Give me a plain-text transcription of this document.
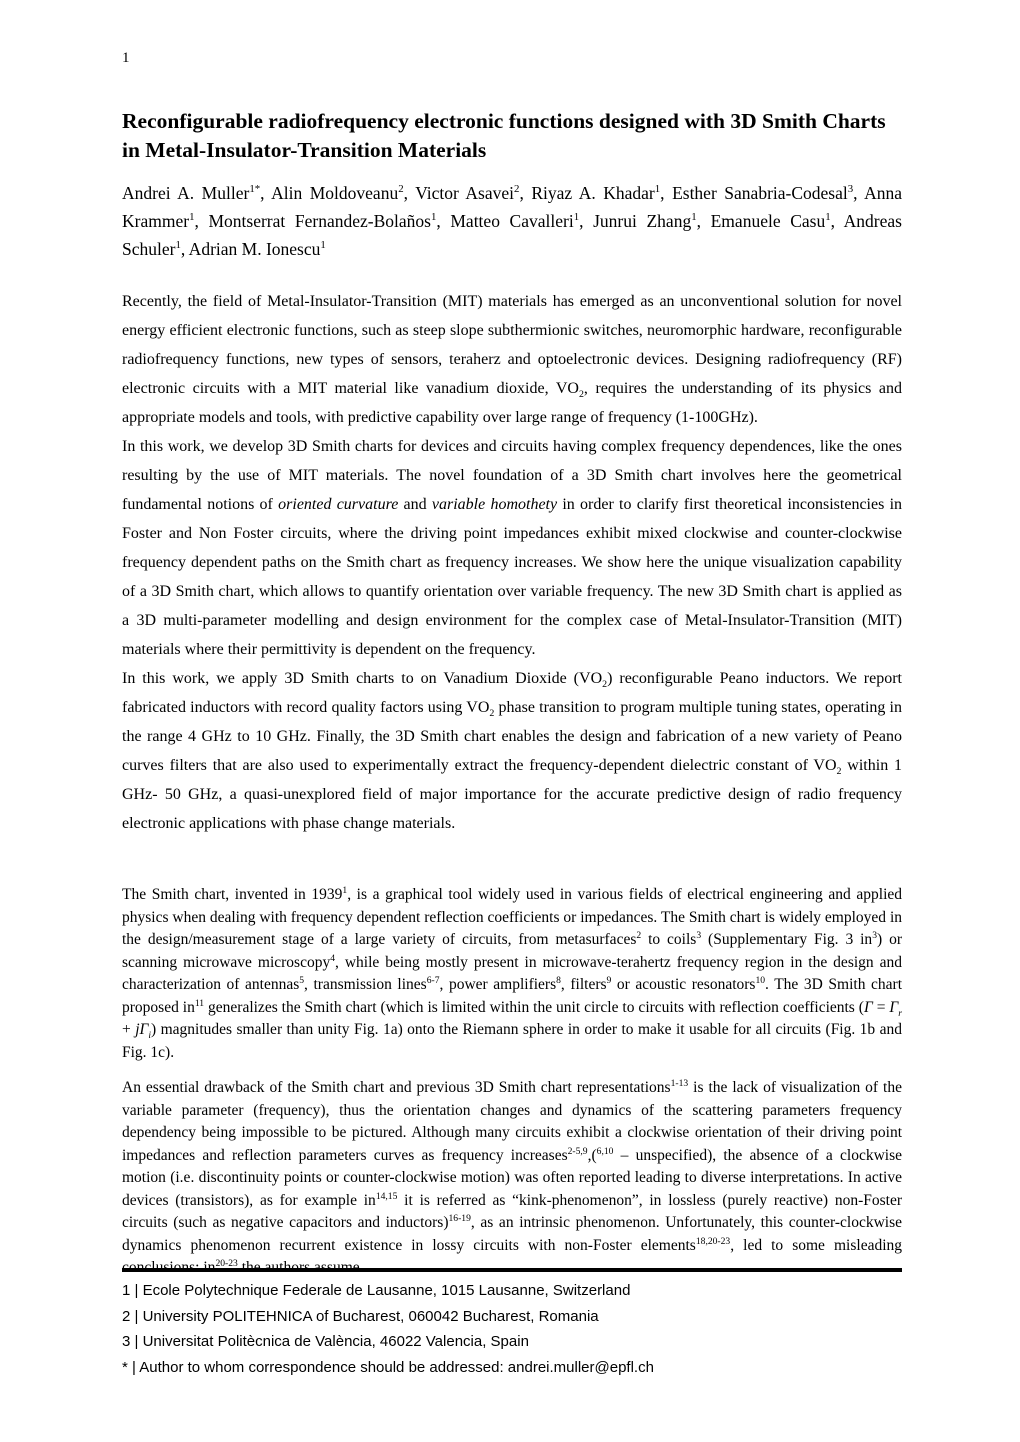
1
Reconfigurable radiofrequency electronic functions designed with 3D Smith Charts in Metal-Insulator-Transition Materials

Andrei A. Muller$^{1*}$, Alin Moldoveanu$^2$, Victor Asavei$^2$, Riyaz A. Khadar$^1$, Esther Sanabria-Codesal$^3$, Anna Krammer$^1$, Montserrat Fernandez-Bolaños$^1$, Matteo Cavalleri$^1$, Junrui Zhang$^1$, Emanuele Casu$^1$, Andreas Schuler$^1$, Adrian M. Ionescu$^1$

Recently, the field of Metal-Insulator-Transition (MIT) materials has emerged as an unconventional solution for novel energy efficient electronic functions, such as steep slope subthermionic switches, neuromorphic hardware, reconfigurable radiofrequency functions, new types of sensors, teraherz and optoelectronic devices. Designing radiofrequency (RF) electronic circuits with a MIT material like vanadium dioxide, $VO_2$, requires the understanding of its physics and appropriate models and tools, with predictive capability over large range of frequency (1-100GHz).

In this work, we develop 3D Smith charts for devices and circuits having complex frequency dependences, like the ones resulting by the use of MIT materials. The novel foundation of a 3D Smith chart involves here the geometrical fundamental notions of oriented curvature and variable homothety in order to clarify first theoretical inconsistencies in Foster and Non Foster circuits, where the driving point impedances exhibit mixed clockwise and counter-clockwise frequency dependent paths on the Smith chart as frequency increases. We show here the unique visualization capability of a 3D Smith chart, which allows to quantify orientation over variable frequency. The new 3D Smith chart is applied as a 3D multi-parameter modelling and design environment for the complex case of Metal-Insulator-Transition (MIT) materials where their permittivity is dependent on the frequency.

In this work, we apply 3D Smith charts to on Vanadium Dioxide $(VO_2)$ reconfigurable Peano inductors. We report fabricated inductors with record quality factors using $VO_2$ phase transition to program multiple tuning states, operating in the range 4 GHz to 10 GHz. Finally, the 3D Smith chart enables the design and fabrication of a new variety of Peano curves filters that are also used to experimentally extract the frequency-dependent dielectric constant of $VO_2$ within 1 GHz- 50 GHz, a quasi-unexplored field of major importance for the accurate predictive design of radio frequency electronic applications with phase change materials.

The Smith chart, invented in 1939$^1$, is a graphical tool widely used in various fields of electrical engineering and applied physics when dealing with frequency dependent reflection coefficients or impedances. The Smith chart is widely employed in the design/measurement stage of a large variety of circuits, from metasurfaces$^2$ to coils$^3$ (Supplementary Fig. 3 $in^3$) or scanning microwave microscopy$^4$, while being mostly present in microwave-terahertz frequency region in the design and characterization of antennas$^5$, transmission lines$^{6-7}$, power amplifiers$^8$, filters$^9$ or acoustic resonators$^{10}$. The 3D Smith chart proposed $in^{11}$ generalizes the Smith chart (which is limited within the unit circle to circuits with reflection coefficients $(\Gamma = \Gamma_r + j\Gamma_i)$ magnitudes smaller than unity Fig. 1a) onto the Riemann sphere in order to make it usable for all circuits (Fig. 1b and Fig. 1c).

An essential drawback of the Smith chart and previous 3D Smith chart representations$^{1-13}$ is the lack of visualization of the variable parameter (frequency), thus the orientation changes and dynamics of the scattering parameters frequency dependency being impossible to be pictured. Although many circuits exhibit a clockwise orientation of their driving point impedances and reflection parameters curves as frequency increases$^{2-5,9}$,($^{6,10}$ – unspecified), the absence of a clockwise motion (i.e. discontinuity points or counter-clockwise motion) was often reported leading to diverse interpretations. In active devices (transistors), as for example in$^{14,15}$ it is referred as “kink-phenomenon”, in lossless (purely reactive) non-Foster circuits (such as negative capacitors and inductors)$^{16-19}$, as an intrinsic phenomenon. Unfortunately, this counter-clockwise dynamics phenomenon recurrent existence in lossy circuits with non-Foster elements$^{18,20-23}$, led to some misleading conclusions: $in^{20-23}$ the authors assume

1 | Ecole Polytechnique Federale de Lausanne, 1015 Lausanne, Switzerland
2 | University POLITEHNICA of Bucharest, 060042 Bucharest, Romania
3 | Universitat Politècnica de València, 46022 Valencia, Spain
* | Author to whom correspondence should be addressed: andrei.muller@epfl.ch
